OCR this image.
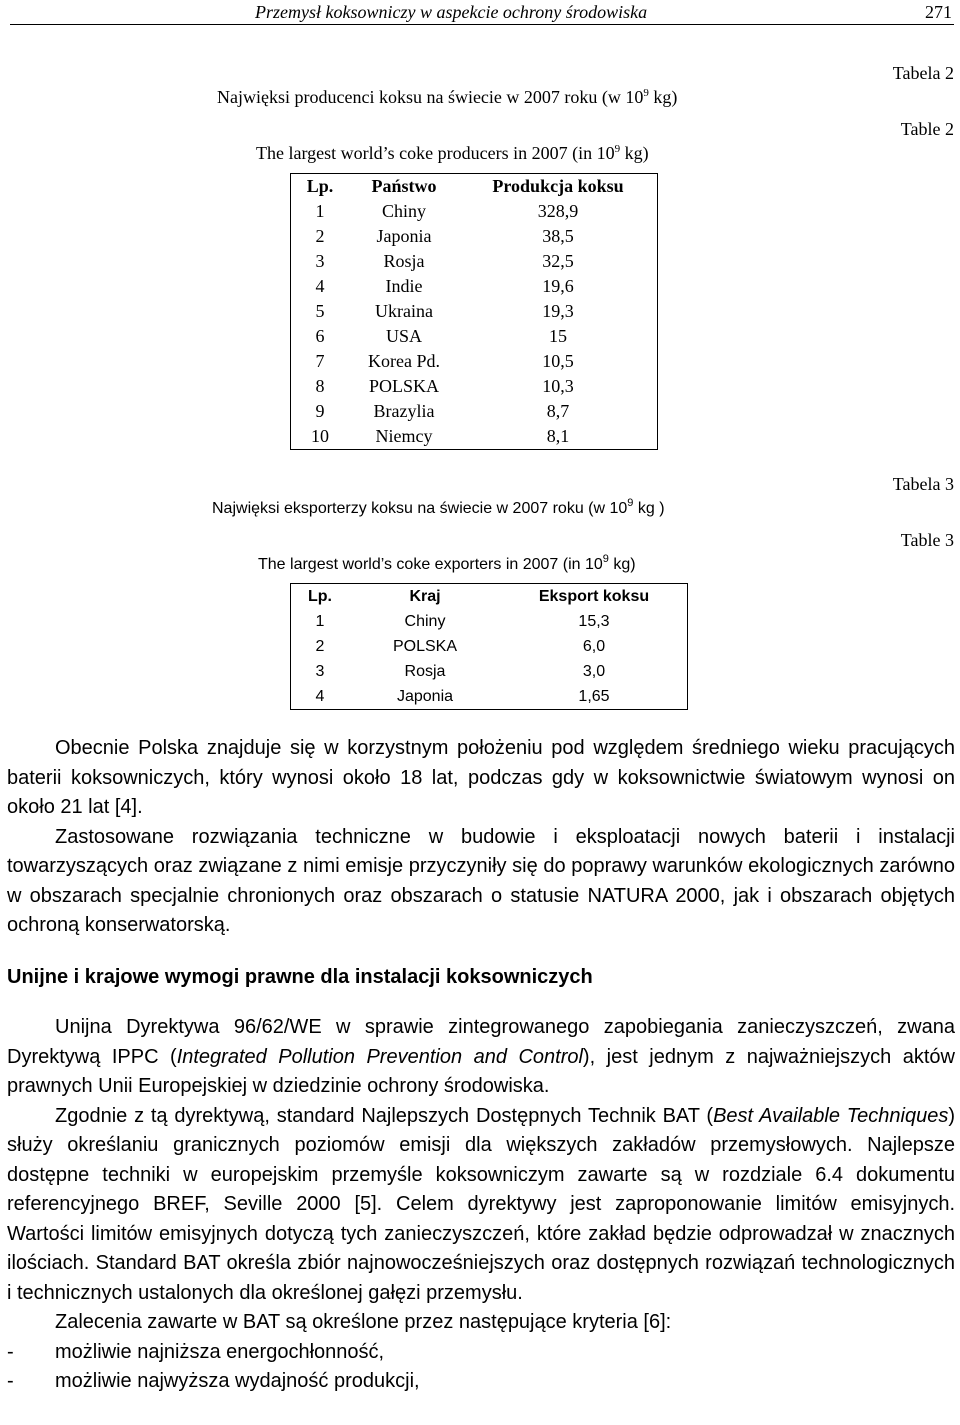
Przemysł koksowniczy w aspekcie ochrony środowiska	271
Tabela 2
Table 2
Najwięksi producenci koksu na świecie w 2007 roku (w $10^9$ kg)
The largest world’s coke producers in 2007 (in $10^9$ kg)
Lp.	Państwo	Produkcja koksu
1	Chiny	328,9
2	Japonia	38,5
3	Rosja	32,5
4	Indie	19,6
5	Ukraina	19,3
6	USA	15
7	Korea Pd.	10,5
8	POLSKA	10,3
9	Brazylia	8,7
10	Niemcy	8,1
Tabela 3
Table 3
Najwięksi eksporterzy koksu na świecie w 2007 roku (w $10^9$ kg )
The largest world’s coke exporters in 2007 (in $10^9$ kg)
Lp.	Kraj	Eksport koksu
1	Chiny	15,3
2	POLSKA	6,0
3	Rosja	3,0
4	Japonia	1,65

Obecnie Polska znajduje się w korzystnym położeniu pod względem średniego wieku pracujących baterii koksowniczych, który wynosi około 18 lat, podczas gdy w koksownictwie światowym wynosi on około 21 lat [4].

Zastosowane rozwiązania techniczne w budowie i eksploatacji nowych baterii i instalacji towarzyszących oraz związane z nimi emisje przyczyniły się do poprawy warunków ekologicznych zarówno w obszarach specjalnie chronionych oraz obszarach o statusie NATURA 2000, jak i obszarach objętych ochroną konserwatorską.

Unijne i krajowe wymogi prawne dla instalacji koksowniczych

Unijna Dyrektywa 96/62/WE w sprawie zintegrowanego zapobiegania zanieczyszczeń, zwana Dyrektywą IPPC (Integrated Pollution Prevention and Control), jest jednym z najważniejszych aktów prawnych Unii Europejskiej w dziedzinie ochrony środowiska.

Zgodnie z tą dyrektywą, standard Najlepszych Dostępnych Technik BAT (Best Available Techniques) służy określaniu granicznych poziomów emisji dla większych zakładów przemysłowych. Najlepsze dostępne techniki w europejskim przemyśle koksowniczym zawarte są w rozdziale 6.4 dokumentu referencyjnego BREF, Seville 2000 [5]. Celem dyrektywy jest zaproponowanie limitów emisyjnych. Wartości limitów emisyjnych dotyczą tych zanieczyszczeń, które zakład będzie odprowadzał w znacznych ilościach. Standard BAT określa zbiór najnowocześniejszych oraz dostępnych rozwiązań technologicznych i technicznych ustalonych dla określonej gałęzi przemysłu.

Zalecenia zawarte w BAT są określone przez następujące kryteria [6]:

- możliwie najniższa energochłonność,

- możliwie najwyższa wydajność produkcji,
